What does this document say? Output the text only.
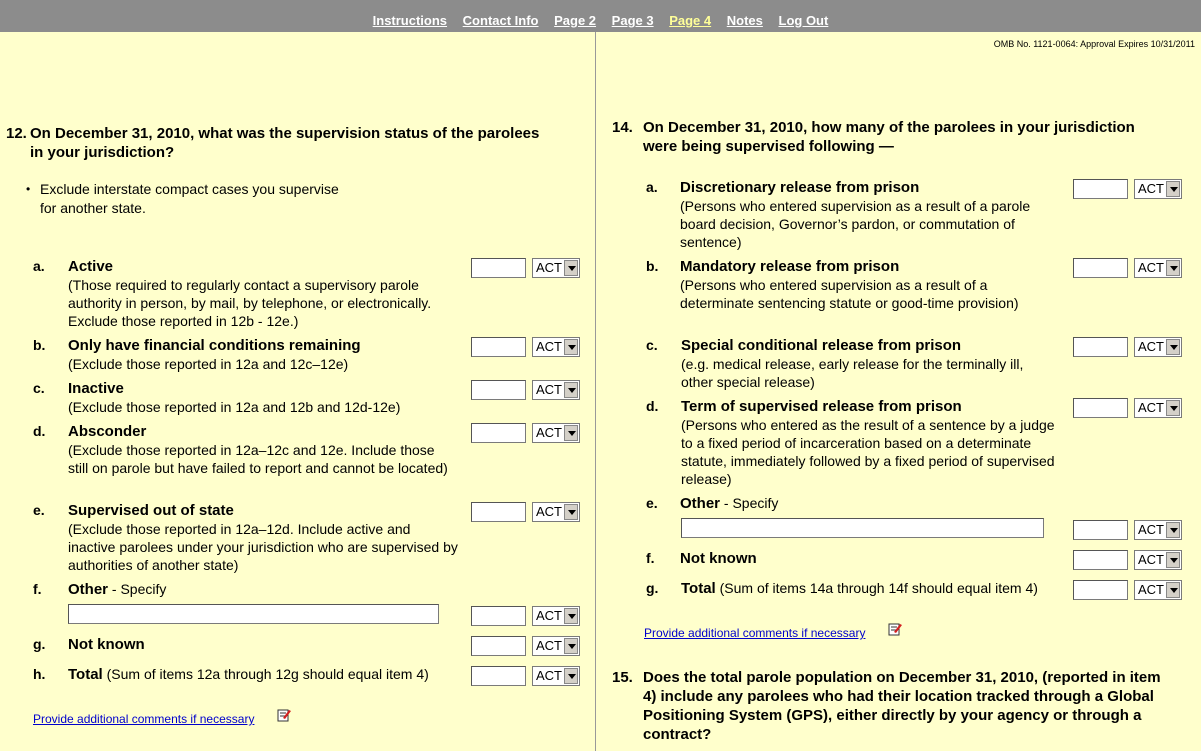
Instructions Contact Info Page 2 Page 3 Page 4 Notes Log Out
OMB No. 1121-0064: Approval Expires 10/31/2011
12. On December 31, 2010, what was the supervision status of the parolees
in your jurisdiction?
• Exclude interstate compact cases you supervise for another state.
a. Active
(Those required to regularly contact a supervisory parole authority in person, by mail, by telephone, or electronically. Exclude those reported in 12b - 12e.)
ACT
b. Only have financial conditions remaining
(Exclude those reported in 12a and 12c–12e)
ACT
c. Inactive
(Exclude those reported in 12a and 12b and 12d-12e)
ACT
d. Absconder
(Exclude those reported in 12a–12c and 12e. Include those still on parole but have failed to report and cannot be located)
ACT
e. Supervised out of state
(Exclude those reported in 12a–12d. Include active and inactive parolees under your jurisdiction who are supervised by authorities of another state)
ACT
f. Other - Specify
ACT
g. Not known	ACT
h. Total (Sum of items 12a through 12g should equal item 4)	ACT
Provide additional comments if necessary
14. On December 31, 2010, how many of the parolees in your jurisdiction
were being supervised following —
a. Discretionary release from prison
(Persons who entered supervision as a result of a parole board decision, Governor’s pardon, or commutation of sentence)
ACT
b. Mandatory release from prison
(Persons who entered supervision as a result of a determinate sentencing statute or good-time provision)
ACT
c. Special conditional release from prison
(e.g. medical release, early release for the terminally ill, other special release)
ACT
d. Term of supervised release from prison
(Persons who entered as the result of a sentence by a judge to a fixed period of incarceration based on a determinate statute, immediately followed by a fixed period of supervised release)
ACT
e. Other - Specify
ACT
f. Not known	ACT
g. Total (Sum of items 14a through 14f should equal item 4)	ACT
Provide additional comments if necessary
15. Does the total parole population on December 31, 2010, (reported in item 4) include any parolees who had their location tracked through a Global Positioning System (GPS), either directly by your agency or through a contract?
